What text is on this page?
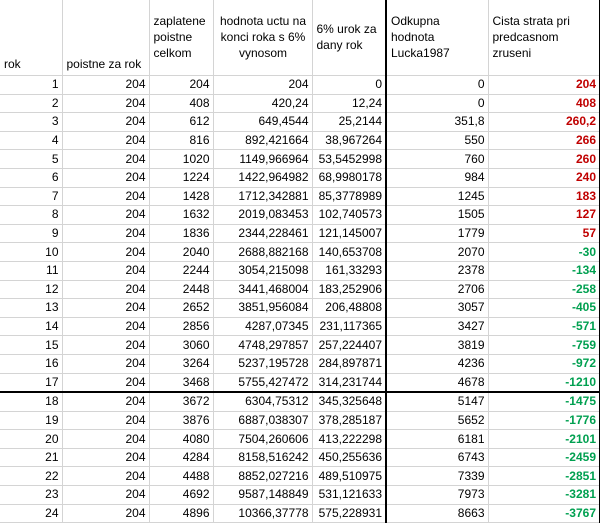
rok	poistne za rok	zaplatene poistne celkom	hodnota uctu na konci roka s 6% vynosom	6% urok za dany rok	Odkupna hodnota Lucka1987	Cista strata pri predcasnom zruseni
1	204	204	204	0	0	204
2	204	408	420,24	12,24	0	408
3	204	612	649,4544	25,2144	351,8	260,2
4	204	816	892,421664	38,967264	550	266
5	204	1020	1149,966964	53,5452998	760	260
6	204	1224	1422,964982	68,9980178	984	240
7	204	1428	1712,342881	85,3778989	1245	183
8	204	1632	2019,083453	102,740573	1505	127
9	204	1836	2344,228461	121,145007	1779	57
10	204	2040	2688,882168	140,653708	2070	-30
11	204	2244	3054,215098	161,33293	2378	-134
12	204	2448	3441,468004	183,252906	2706	-258
13	204	2652	3851,956084	206,48808	3057	-405
14	204	2856	4287,07345	231,117365	3427	-571
15	204	3060	4748,297857	257,224407	3819	-759
16	204	3264	5237,195728	284,897871	4236	-972
17	204	3468	5755,427472	314,231744	4678	-1210
18	204	3672	6304,75312	345,325648	5147	-1475
19	204	3876	6887,038307	378,285187	5652	-1776
20	204	4080	7504,260606	413,222298	6181	-2101
21	204	4284	8158,516242	450,255636	6743	-2459
22	204	4488	8852,027216	489,510975	7339	-2851
23	204	4692	9587,148849	531,121633	7973	-3281
24	204	4896	10366,37778	575,228931	8663	-3767
